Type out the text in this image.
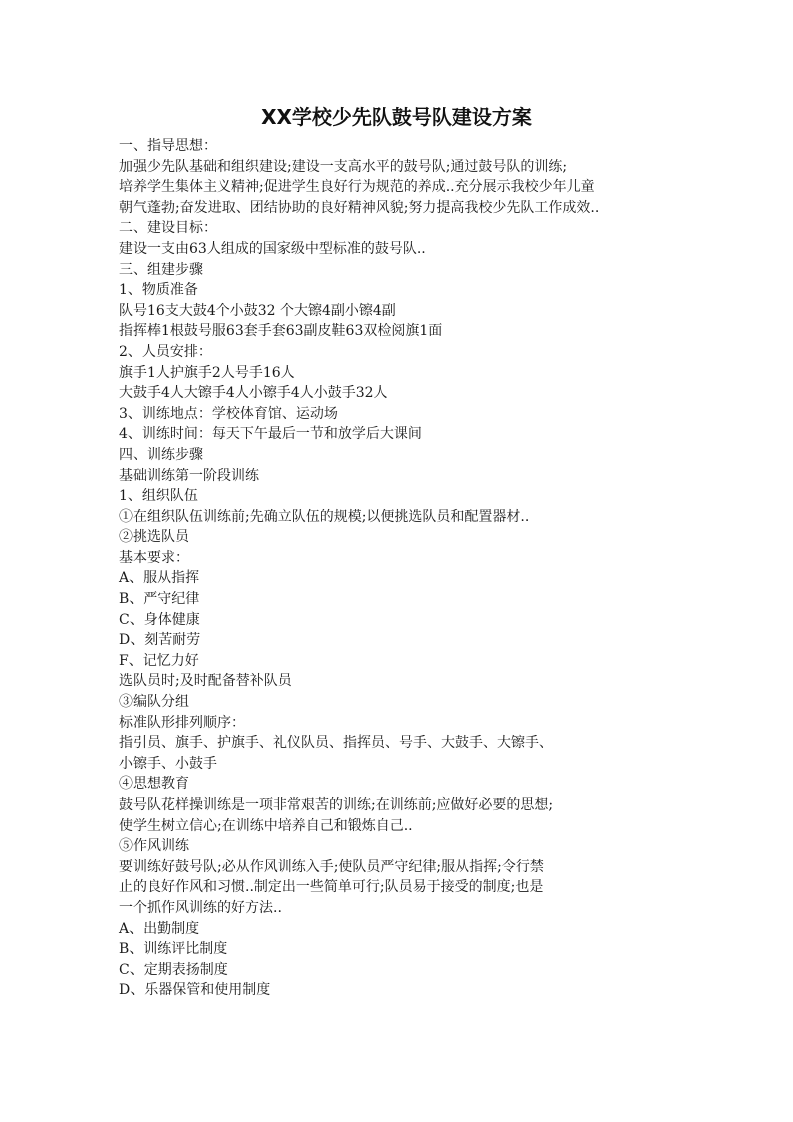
XX学校少先队鼓号队建设方案
一、指导思想：
加强少先队基础和组织建设;建设一支高水平的鼓号队;通过鼓号队的训练;
培养学生集体主义精神;促进学生良好行为规范的养成..充分展示我校少年儿童
朝气蓬勃;奋发进取、团结协助的良好精神风貌;努力提高我校少先队工作成效..
二、建设目标：
建设一支由63人组成的国家级中型标准的鼓号队..
三、组建步骤
1、物质准备
队号16支大鼓4个小鼓32 个大镲4副小镲4副
指挥棒1根鼓号服63套手套63副皮鞋63双检阅旗1面
2、人员安排：
旗手1人护旗手2人号手16人
大鼓手4人大镲手4人小镲手4人小鼓手32人
3、训练地点：学校体育馆、运动场
4、训练时间：每天下午最后一节和放学后大课间
四、训练步骤
基础训练第一阶段训练
1、组织队伍
①在组织队伍训练前;先确立队伍的规模;以便挑选队员和配置器材..
②挑选队员
基本要求：
A、服从指挥
B、严守纪律
C、身体健康
D、刻苦耐劳
F、记忆力好
选队员时;及时配备替补队员
③编队分组
标准队形排列顺序：
指引员、旗手、护旗手、礼仪队员、指挥员、号手、大鼓手、大镲手、
小镲手、小鼓手
④思想教育
鼓号队花样操训练是一项非常艰苦的训练;在训练前;应做好必要的思想;
使学生树立信心;在训练中培养自己和锻炼自己..
⑤作风训练
要训练好鼓号队;必从作风训练入手;使队员严守纪律;服从指挥;令行禁
止的良好作风和习惯..制定出一些简单可行;队员易于接受的制度;也是
一个抓作风训练的好方法..
A、出勤制度
B、训练评比制度
C、定期表扬制度
D、乐器保管和使用制度
